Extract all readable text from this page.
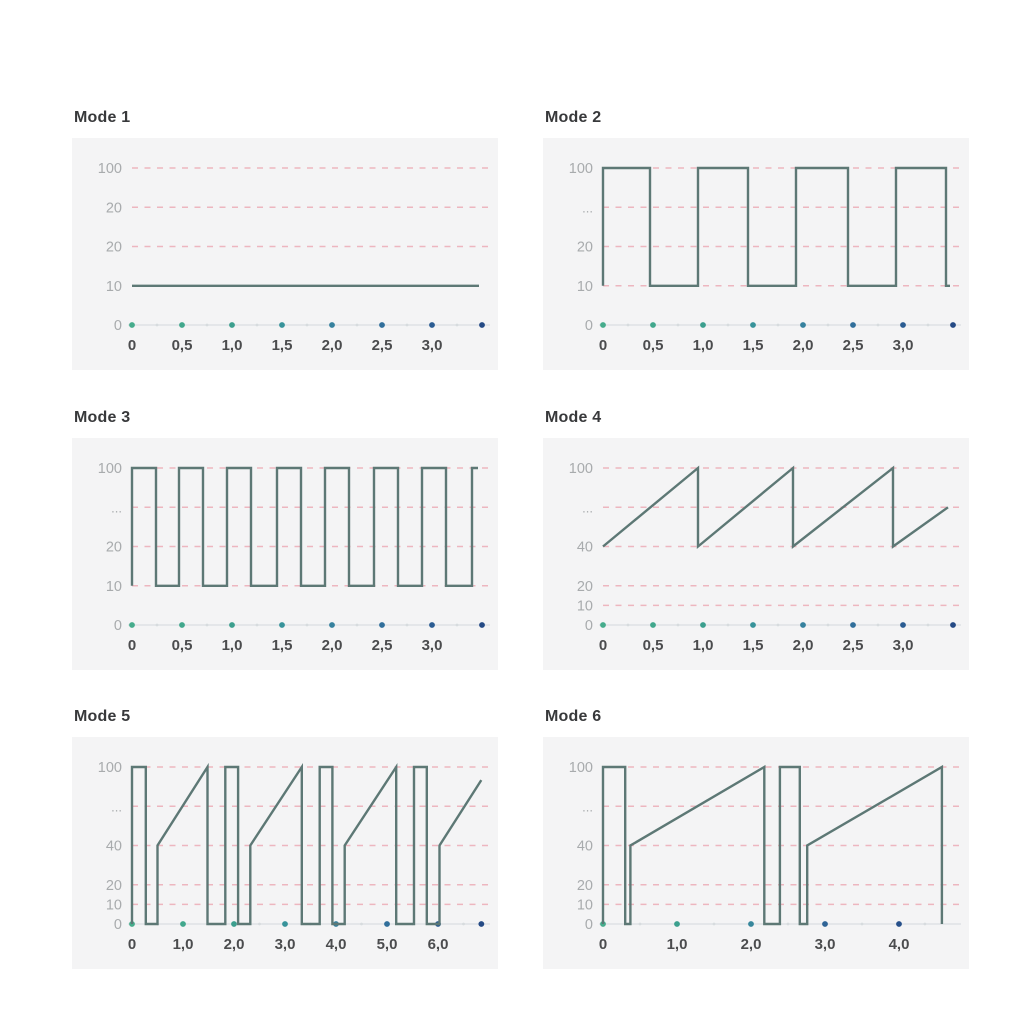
Mode 1
100
20
20
10
0
0 0,5 1,0 1,5 2,0 2,5 3,0
Mode 2
100
...
20
10
0
0 0,5 1,0 1,5 2,0 2,5 3,0
Mode 3
100
...
20
10
0
0 0,5 1,0 1,5 2,0 2,5 3,0
Mode 4
100
...
40
20
10
0
0 0,5 1,0 1,5 2,0 2,5 3,0
Mode 5
100
...
40
20
10
0
0 1,0 2,0 3,0 4,0 5,0 6,0
Mode 6
100
...
40
20
10
0
0	1,0	2,0	3,0	4,0
